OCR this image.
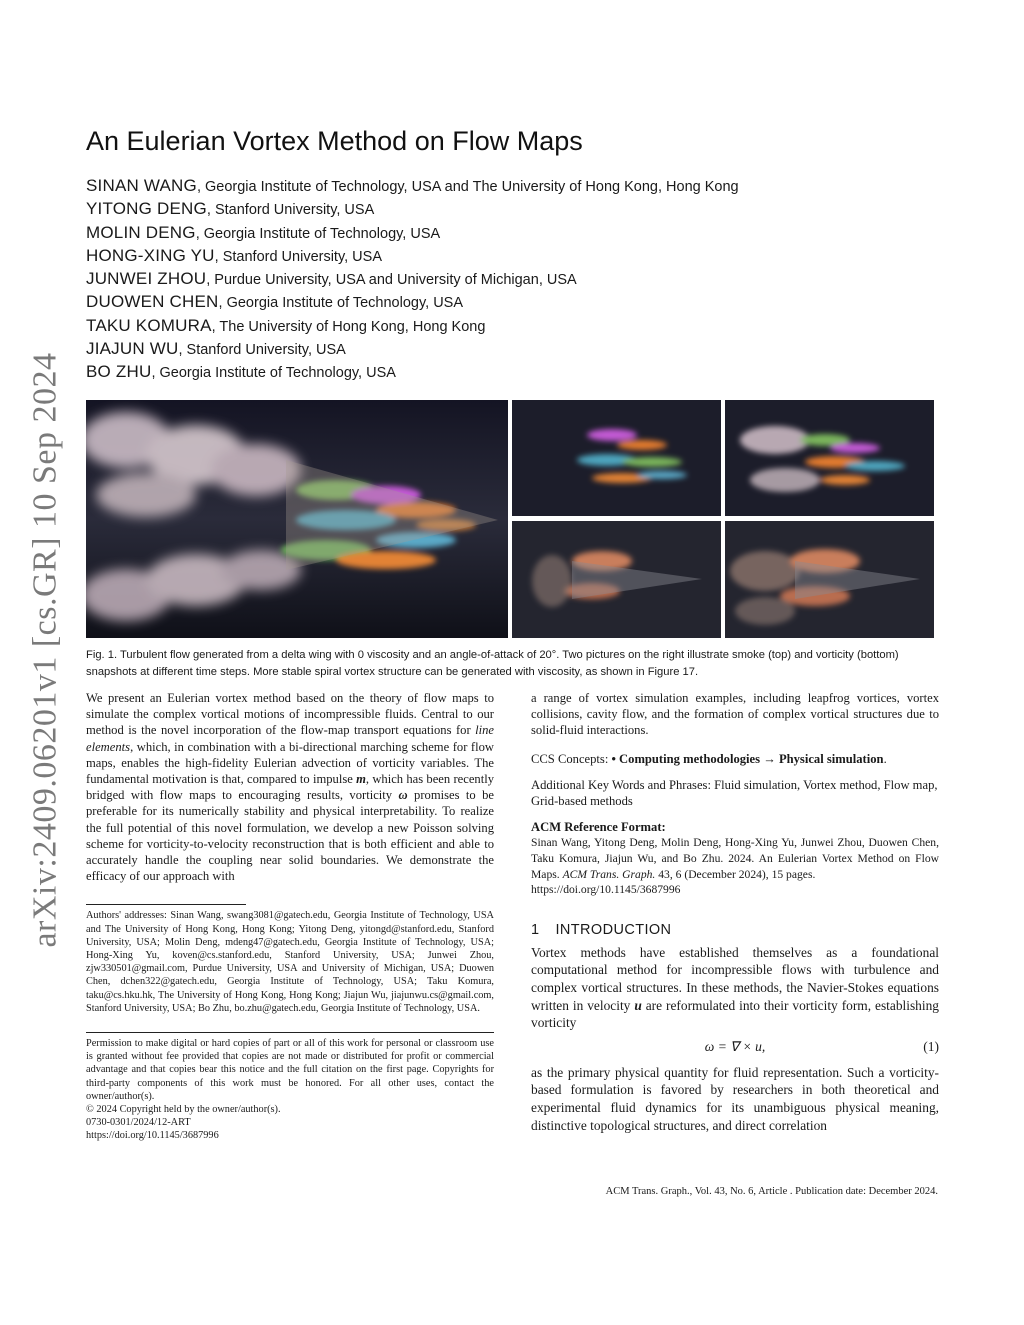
arXiv:2409.06201v1 [cs.GR] 10 Sep 2024
An Eulerian Vortex Method on Flow Maps
SINAN WANG, Georgia Institute of Technology, USA and The University of Hong Kong, Hong Kong
YITONG DENG, Stanford University, USA
MOLIN DENG, Georgia Institute of Technology, USA
HONG-XING YU, Stanford University, USA
JUNWEI ZHOU, Purdue University, USA and University of Michigan, USA
DUOWEN CHEN, Georgia Institute of Technology, USA
TAKU KOMURA, The University of Hong Kong, Hong Kong
JIAJUN WU, Stanford University, USA
BO ZHU, Georgia Institute of Technology, USA
Fig. 1. Turbulent flow generated from a delta wing with 0 viscosity and an angle-of-attack of 20°. Two pictures on the right illustrate smoke (top) and vorticity (bottom) snapshots at different time steps. More stable spiral vortex structure can be generated with viscosity, as shown in Figure 17.

We present an Eulerian vortex method based on the theory of flow maps to simulate the complex vortical motions of incompressible fluids. Central to our method is the novel incorporation of the flow-map transport equations for line elements, which, in combination with a bi-directional marching scheme for flow maps, enables the high-fidelity Eulerian advection of vorticity variables. The fundamental motivation is that, compared to impulse m, which has been recently bridged with flow maps to encouraging results, vorticity ω promises to be preferable for its numerically stability and physical interpretability. To realize the full potential of this novel formulation, we develop a new Poisson solving scheme for vorticity-to-velocity reconstruction that is both efficient and able to accurately handle the coupling near solid boundaries. We demonstrate the efficacy of our approach with

Authors' addresses: Sinan Wang, swang3081@gatech.edu, Georgia Institute of Technology, USA and The University of Hong Kong, Hong Kong; Yitong Deng, yitongd@stanford.edu, Stanford University, USA; Molin Deng, mdeng47@gatech.edu, Georgia Institute of Technology, USA; Hong-Xing Yu, koven@cs.stanford.edu, Stanford University, USA; Junwei Zhou, zjw330501@gmail.com, Purdue University, USA and University of Michigan, USA; Duowen Chen, dchen322@gatech.edu, Georgia Institute of Technology, USA; Taku Komura, taku@cs.hku.hk, The University of Hong Kong, Hong Kong; Jiajun Wu, jiajunwu.cs@gmail.com, Stanford University, USA; Bo Zhu, bo.zhu@gatech.edu, Georgia Institute of Technology, USA.

Permission to make digital or hard copies of part or all of this work for personal or classroom use is granted without fee provided that copies are not made or distributed for profit or commercial advantage and that copies bear this notice and the full citation on the first page. Copyrights for third-party components of this work must be honored. For all other uses, contact the owner/author(s).

© 2024 Copyright held by the owner/author(s).

0730-0301/2024/12-ART

https://doi.org/10.1145/3687996

a range of vortex simulation examples, including leapfrog vortices, vortex collisions, cavity flow, and the formation of complex vortical structures due to solid-fluid interactions.

CCS Concepts: • Computing methodologies → Physical simulation.

Additional Key Words and Phrases: Fluid simulation, Vortex method, Flow map, Grid-based methods

ACM Reference Format:

Sinan Wang, Yitong Deng, Molin Deng, Hong-Xing Yu, Junwei Zhou, Duowen Chen, Taku Komura, Jiajun Wu, and Bo Zhu. 2024. An Eulerian Vortex Method on Flow Maps. ACM Trans. Graph. 43, 6 (December 2024), 15 pages.
https://doi.org/10.1145/3687996

1 INTRODUCTION

Vortex methods have established themselves as a foundational computational method for incompressible flows with turbulence and complex vortical structures. In these methods, the Navier-Stokes equations written in velocity u are reformulated into their vorticity form, establishing vorticity

ω = ∇ × u,	(1)

as the primary physical quantity for fluid representation. Such a vorticity-based formulation is favored by researchers in both theoretical and experimental fluid dynamics for its unambiguous physical meaning, distinctive topological structures, and direct correlation

ACM Trans. Graph., Vol. 43, No. 6, Article . Publication date: December 2024.
